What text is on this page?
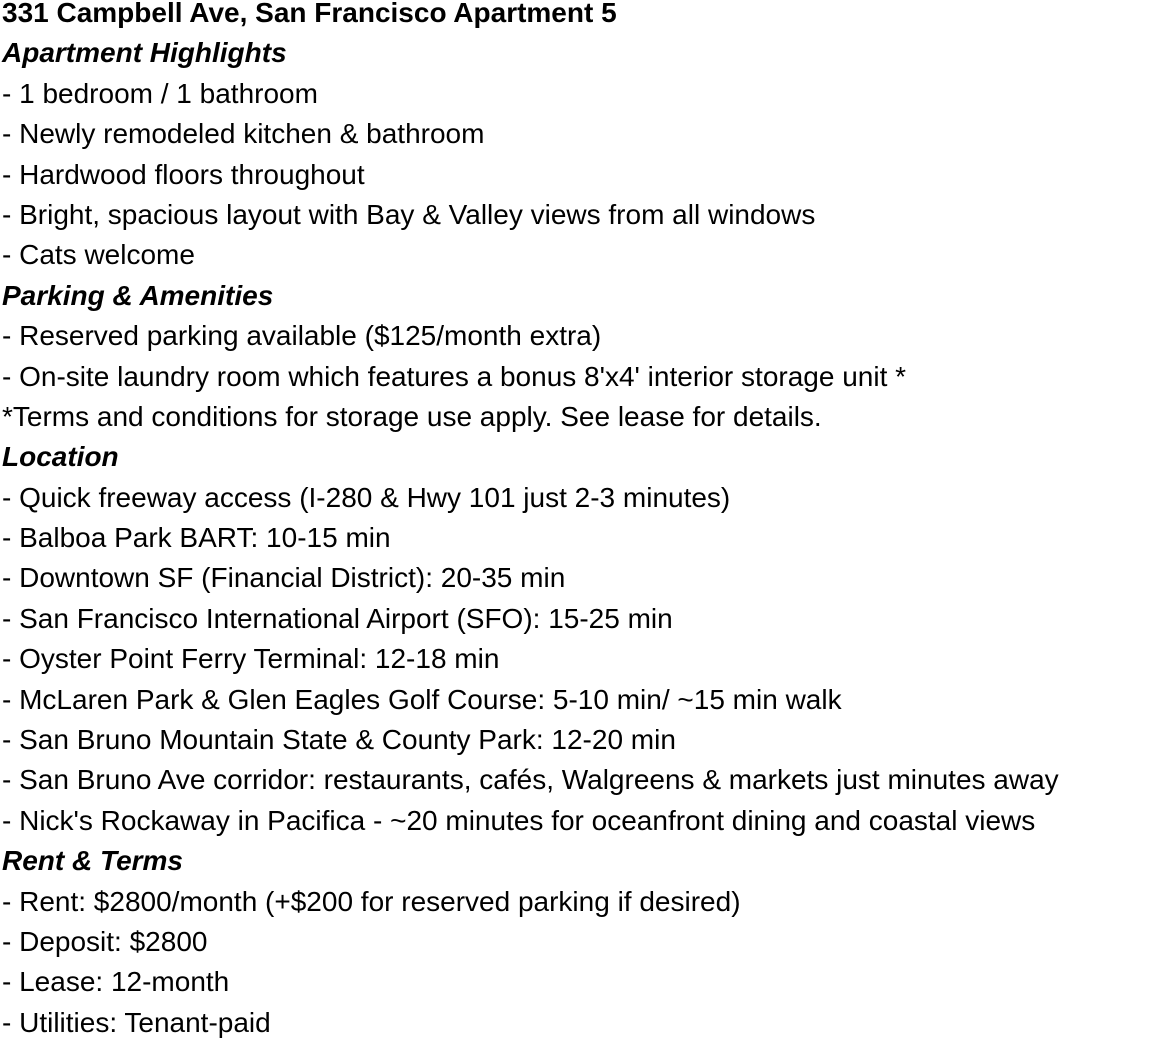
331 Campbell Ave, San Francisco Apartment 5
Apartment Highlights
- 1 bedroom / 1 bathroom
- Newly remodeled kitchen & bathroom
- Hardwood floors throughout
- Bright, spacious layout with Bay & Valley views from all windows
- Cats welcome
Parking & Amenities
- Reserved parking available ($125/month extra)
- On-site laundry room which features a bonus 8'x4' interior storage unit *
*Terms and conditions for storage use apply. See lease for details.
Location
- Quick freeway access (I-280 & Hwy 101 just 2-3 minutes)
- Balboa Park BART: 10-15 min
- Downtown SF (Financial District): 20-35 min
- San Francisco International Airport (SFO): 15-25 min
- Oyster Point Ferry Terminal: 12-18 min
- McLaren Park & Glen Eagles Golf Course: 5-10 min/ ~15 min walk
- San Bruno Mountain State & County Park: 12-20 min
- San Bruno Ave corridor: restaurants, cafés, Walgreens & markets just minutes away
- Nick's Rockaway in Pacifica - ~20 minutes for oceanfront dining and coastal views
Rent & Terms
- Rent: $2800/month (+$200 for reserved parking if desired)
- Deposit: $2800
- Lease: 12-month
- Utilities: Tenant-paid
